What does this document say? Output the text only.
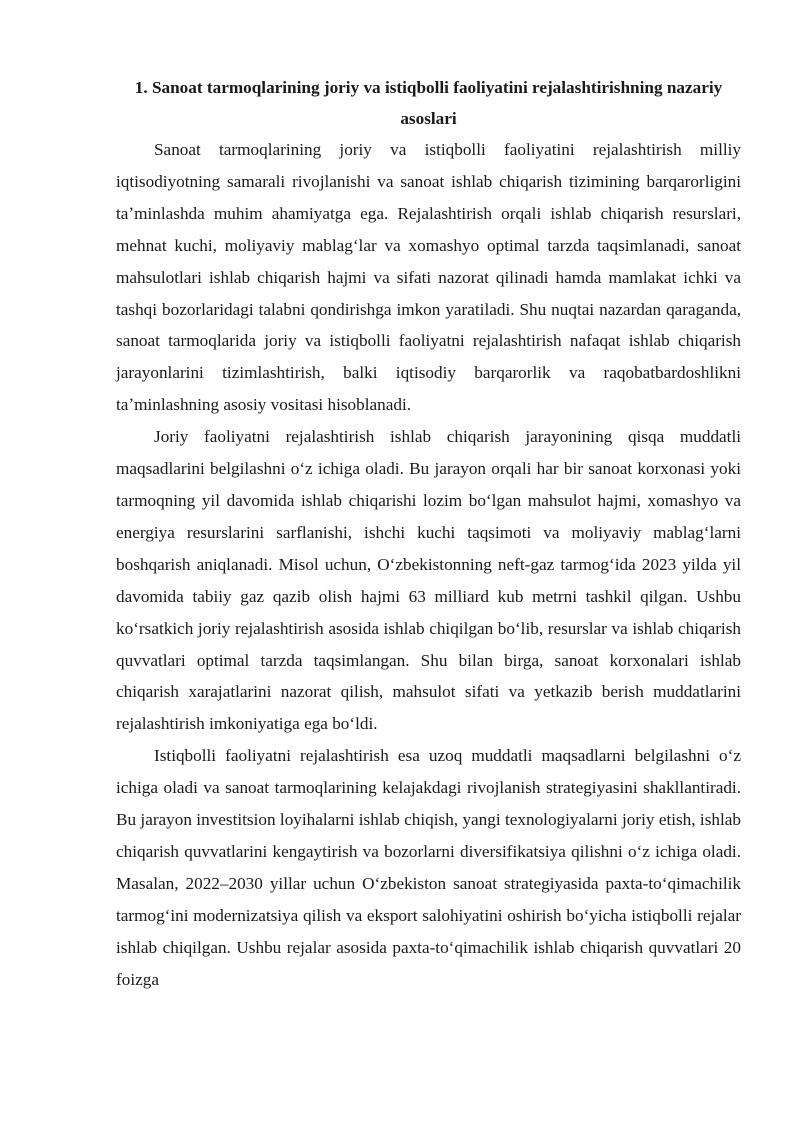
1. Sanoat tarmoqlarining joriy va istiqbolli faoliyatini rejalashtirishning nazariy asoslari

Sanoat tarmoqlarining joriy va istiqbolli faoliyatini rejalashtirish milliy iqtisodiyotning samarali rivojlanishi va sanoat ishlab chiqarish tizimining barqarorligini taʼminlashda muhim ahamiyatga ega. Rejalashtirish orqali ishlab chiqarish resurslari, mehnat kuchi, moliyaviy mablagʻlar va xomashyo optimal tarzda taqsimlanadi, sanoat mahsulotlari ishlab chiqarish hajmi va sifati nazorat qilinadi hamda mamlakat ichki va tashqi bozorlaridagi talabni qondirishga imkon yaratiladi. Shu nuqtai nazardan qaraganda, sanoat tarmoqlarida joriy va istiqbolli faoliyatni rejalashtirish nafaqat ishlab chiqarish jarayonlarini tizimlashtirish, balki iqtisodiy barqarorlik va raqobatbardoshlikni taʼminlashning asosiy vositasi hisoblanadi.

Joriy faoliyatni rejalashtirish ishlab chiqarish jarayonining qisqa muddatli maqsadlarini belgilashni oʻz ichiga oladi. Bu jarayon orqali har bir sanoat korxonasi yoki tarmoqning yil davomida ishlab chiqarishi lozim boʻlgan mahsulot hajmi, xomashyo va energiya resurslarini sarflanishi, ishchi kuchi taqsimoti va moliyaviy mablagʻlarni boshqarish aniqlanadi. Misol uchun, Oʻzbekistonning neft-gaz tarmogʻida 2023 yilda yil davomida tabiiy gaz qazib olish hajmi 63 milliard kub metrni tashkil qilgan. Ushbu koʻrsatkich joriy rejalashtirish asosida ishlab chiqilgan boʻlib, resurslar va ishlab chiqarish quvvatlari optimal tarzda taqsimlangan. Shu bilan birga, sanoat korxonalari ishlab chiqarish xarajatlarini nazorat qilish, mahsulot sifati va yetkazib berish muddatlarini rejalashtirish imkoniyatiga ega boʻldi.

Istiqbolli faoliyatni rejalashtirish esa uzoq muddatli maqsadlarni belgilashni oʻz ichiga oladi va sanoat tarmoqlarining kelajakdagi rivojlanish strategiyasini shakllantiradi. Bu jarayon investitsion loyihalarni ishlab chiqish, yangi texnologiyalarni joriy etish, ishlab chiqarish quvvatlarini kengaytirish va bozorlarni diversifikatsiya qilishni oʻz ichiga oladi. Masalan, 2022–2030 yillar uchun Oʻzbekiston sanoat strategiyasida paxta-toʻqimachilik tarmogʻini modernizatsiya qilish va eksport salohiyatini oshirish boʻyicha istiqbolli rejalar ishlab chiqilgan. Ushbu rejalar asosida paxta-toʻqimachilik ishlab chiqarish quvvatlari 20 foizga
